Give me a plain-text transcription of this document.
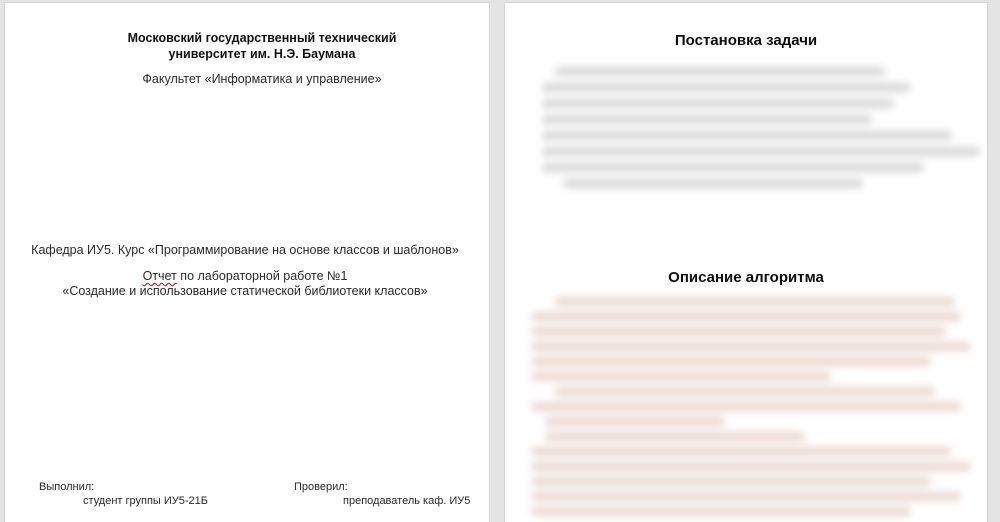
Московский государственный технический
университет им. Н.Э. Баумана
Факультет «Информатика и управление»
Кафедра ИУ5. Курс «Программирование на основе классов и шаблонов»
Отчет по лабораторной работе №1
«Создание и использование статической библиотеки классов»
Выполнил:
студент группы ИУ5-21Б
Проверил:
преподаватель каф. ИУ5
Постановка задачи
Описание алгоритма
